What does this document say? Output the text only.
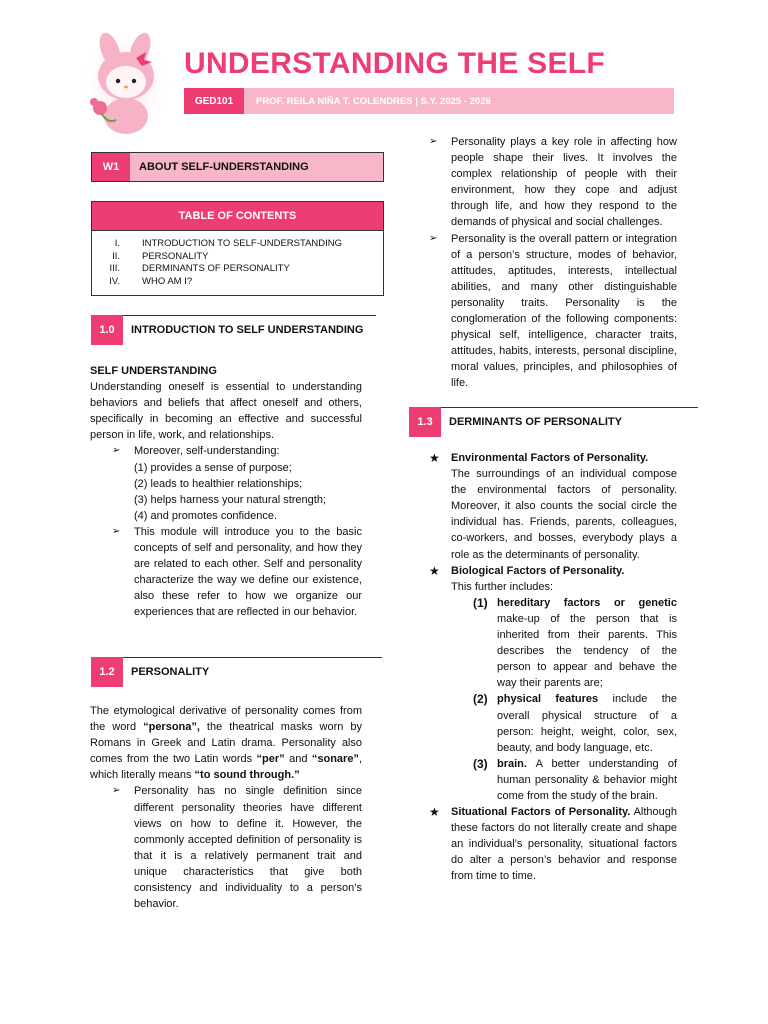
UNDERSTANDING THE SELF
GED101	PROF. REILA NIÑA T. COLENDRES | S.Y. 2025 - 2026
W1	ABOUT SELF-UNDERSTANDING
TABLE OF CONTENTS
I.	INTRODUCTION TO SELF-UNDERSTANDING
II.	PERSONALITY
III.	DERMINANTS OF PERSONALITY
IV.	WHO AM I?
1.0	INTRODUCTION TO SELF UNDERSTANDING
SELF UNDERSTANDING
Understanding oneself is essential to understanding behaviors and beliefs that affect oneself and others, specifically in becoming an effective and successful person in life, work, and relationships.
➢	Moreover, self-understanding:
(1) provides a sense of purpose;
(2) leads to healthier relationships;
(3) helps harness your natural strength;
(4) and promotes confidence.
➢	This module will introduce you to the basic concepts of self and personality, and how they are related to each other. Self and personality characterize the way we define our existence, also these refer to how we organize our experiences that are reflected in our behavior.
1.2	PERSONALITY
The etymological derivative of personality comes from the word “persona”, the theatrical masks worn by Romans in Greek and Latin drama. Personality also comes from the two Latin words “per” and “sonare”, which literally means “to sound through.”
➢	Personality has no single definition since different personality theories have different views on how to define it. However, the commonly accepted definition of personality is that it is a relatively permanent trait and unique characteristics that give both consistency and individuality to a person’s behavior.
➢	Personality plays a key role in affecting how people shape their lives. It involves the complex relationship of people with their environment, how they cope and adjust through life, and how they respond to the demands of physical and social challenges.
➢	Personality is the overall pattern or integration of a person’s structure, modes of behavior, attitudes, aptitudes, interests, intellectual abilities, and many other distinguishable personality traits. Personality is the conglomeration of the following components: physical self, intelligence, character traits, attitudes, habits, interests, personal discipline, moral values, principles, and philosophies of life.
1.3	DERMINANTS OF PERSONALITY
★	Environmental Factors of Personality.
The surroundings of an individual compose the environmental factors of personality. Moreover, it also counts the social circle the individual has. Friends, parents, colleagues, co-workers, and bosses, everybody plays a role as the determinants of personality.
★	Biological Factors of Personality.
This further includes:
(1) hereditary factors or genetic make-up of the person that is inherited from their parents. This describes the tendency of the person to appear and behave the way their parents are;
(2) physical features include the overall physical structure of a person: height, weight, color, sex, beauty, and body language, etc.
(3) brain. A better understanding of human personality & behavior might come from the study of the brain.
★	Situational Factors of Personality. Although these factors do not literally create and shape an individual’s personality, situational factors do alter a person’s behavior and response from time to time.
